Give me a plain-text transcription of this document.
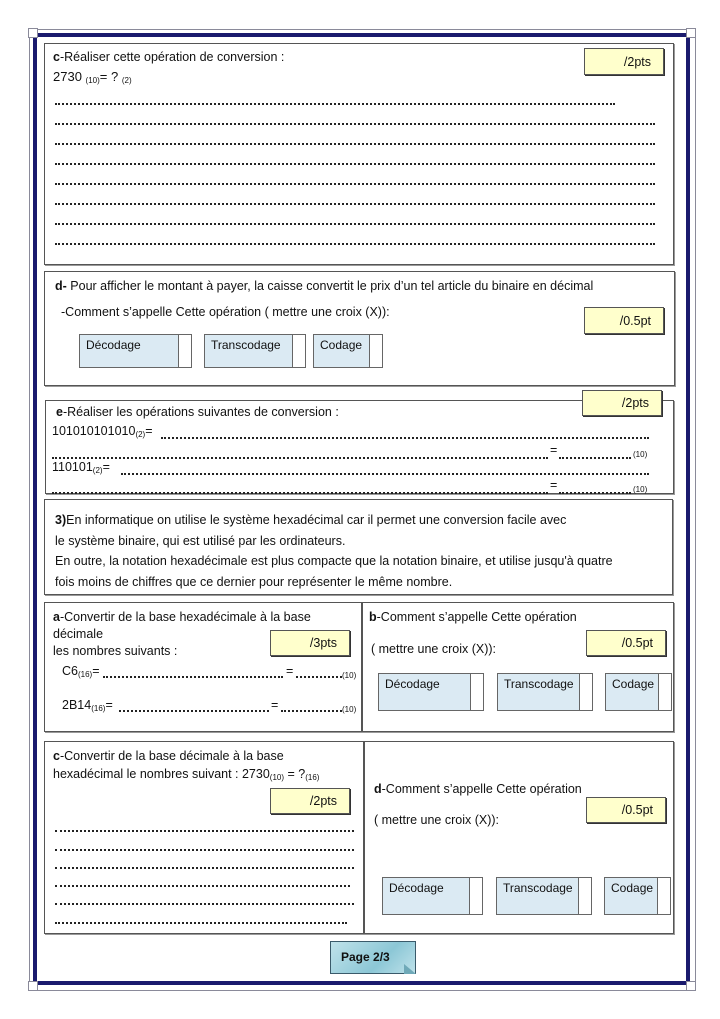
c-Réaliser cette opération de conversion :
2730 $_{(10)}$= ? $_{(2)}$
/2pts
d- Pour afficher le montant à payer, la caisse convertit le prix d’un tel article du binaire en décimal
-Comment s’appelle Cette opération ( mettre une croix (X)):
/0.5pt
Décodage	Transcodage	Codage
e-Réaliser les opérations suivantes de conversion :
$101010101010_{(2)}=$
=	$_{(10)}$
$110101_{(2)}=$
=	$_{(10)}$
/2pts
3)En informatique on utilise le système hexadécimal car il permet une conversion facile avec
le système binaire, qui est utilisé par les ordinateurs.
En outre, la notation hexadécimale est plus compacte que la notation binaire, et utilise jusqu'à quatre
fois moins de chiffres que ce dernier pour représenter le même nombre.
a-Convertir de la base hexadécimale à la base
décimale
les nombres suivants :
/3pts
$C6_{(16)}=$	=	$_{(10)}$
$2B14_{(16)}=$	=	$_{(10)}$
b-Comment s’appelle Cette opération
( mettre une croix (X)):	/0.5pt
Décodage	Transcodage	Codage
c-Convertir de la base décimale à la base
hexadécimal le nombres suivant : $2730_{(10)}$ = $?_{(16)}$
/2pts
d-Comment s’appelle Cette opération
( mettre une croix (X)):
/0.5pt
Décodage	Transcodage	Codage
Page 2/3
